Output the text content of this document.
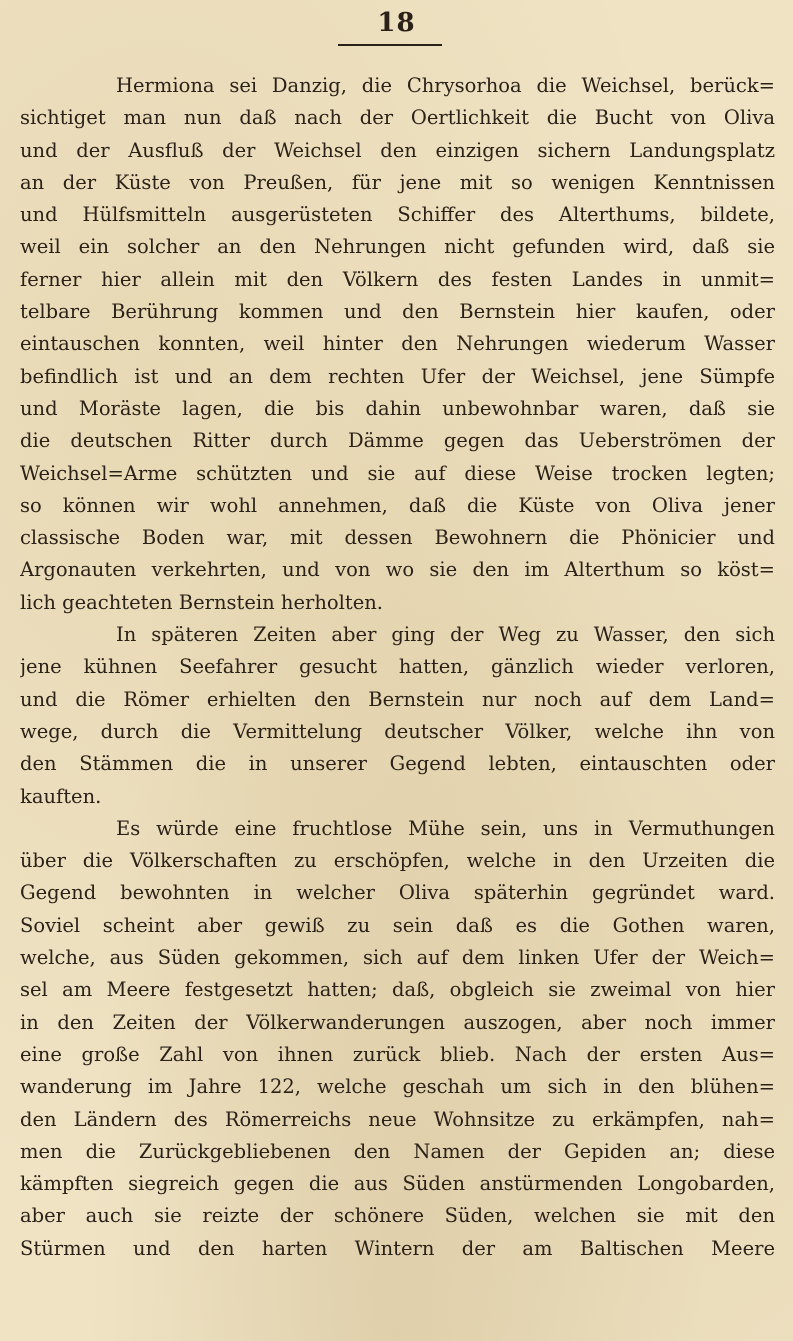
18
Hermiona sei Danzig, die Chrysorhoa die Weichsel, berück=
sichtiget man nun daß nach der Oertlichkeit die Bucht von Oliva
und der Ausfluß der Weichsel den einzigen sichern Landungsplatz
an der Küste von Preußen, für jene mit so wenigen Kenntnissen
und Hülfsmitteln ausgerüsteten Schiffer des Alterthums, bildete,
weil ein solcher an den Nehrungen nicht gefunden wird, daß sie
ferner hier allein mit den Völkern des festen Landes in unmit=
telbare Berührung kommen und den Bernstein hier kaufen, oder
eintauschen konnten, weil hinter den Nehrungen wiederum Wasser
befindlich ist und an dem rechten Ufer der Weichsel, jene Sümpfe
und Moräste lagen, die bis dahin unbewohnbar waren, daß sie
die deutschen Ritter durch Dämme gegen das Ueberströmen der
Weichsel=Arme schützten und sie auf diese Weise trocken legten;
so können wir wohl annehmen, daß die Küste von Oliva jener
classische Boden war, mit dessen Bewohnern die Phönicier und
Argonauten verkehrten, und von wo sie den im Alterthum so köst=
lich geachteten Bernstein herholten.
In späteren Zeiten aber ging der Weg zu Wasser, den sich
jene kühnen Seefahrer gesucht hatten, gänzlich wieder verloren,
und die Römer erhielten den Bernstein nur noch auf dem Land=
wege, durch die Vermittelung deutscher Völker, welche ihn von
den Stämmen die in unserer Gegend lebten, eintauschten oder
kauften.
Es würde eine fruchtlose Mühe sein, uns in Vermuthungen
über die Völkerschaften zu erschöpfen, welche in den Urzeiten die
Gegend bewohnten in welcher Oliva späterhin gegründet ward.
Soviel scheint aber gewiß zu sein daß es die Gothen waren,
welche, aus Süden gekommen, sich auf dem linken Ufer der Weich=
sel am Meere festgesetzt hatten; daß, obgleich sie zweimal von hier
in den Zeiten der Völkerwanderungen auszogen, aber noch immer
eine große Zahl von ihnen zurück blieb. Nach der ersten Aus=
wanderung im Jahre 122, welche geschah um sich in den blühen=
den Ländern des Römerreichs neue Wohnsitze zu erkämpfen, nah=
men die Zurückgebliebenen den Namen der Gepiden an; diese
kämpften siegreich gegen die aus Süden anstürmenden Longobarden,
aber auch sie reizte der schönere Süden, welchen sie mit den
Stürmen und den harten Wintern der am Baltischen Meere
